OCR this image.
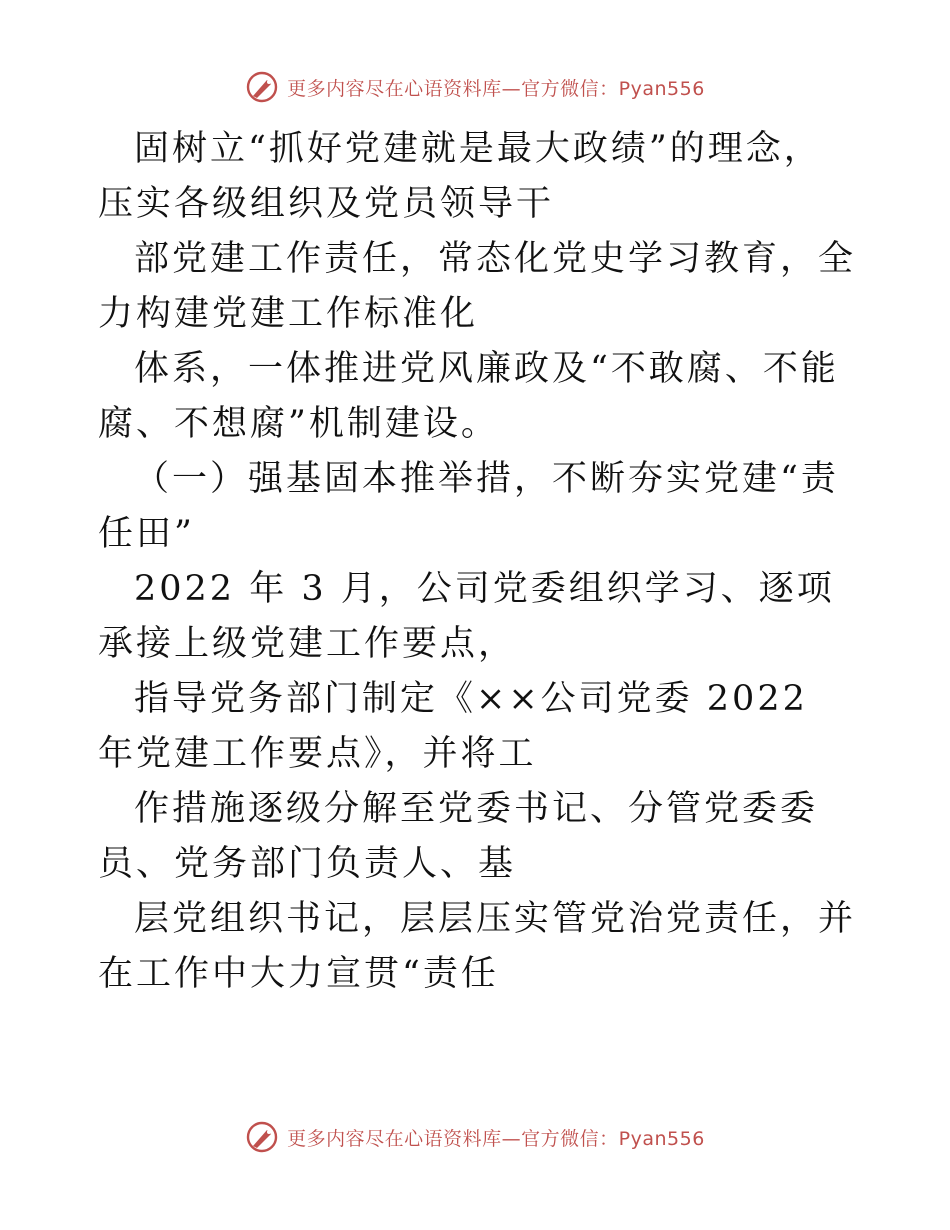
更多内容尽在心语资料库—官方微信：Pyan556

固树立“抓好党建就是最大政绩”的理念，压实各级组织及党员领导干

部党建工作责任，常态化党史学习教育，全力构建党建工作标准化

体系，一体推进党风廉政及“不敢腐、不能腐、不想腐”机制建设。

（一）强基固本推举措，不断夯实党建“责任田”

2022 年 3 月，公司党委组织学习、逐项承接上级党建工作要点，

指导党务部门制定《××公司党委 2022 年党建工作要点》，并将工

作措施逐级分解至党委书记、分管党委委员、党务部门负责人、基

层党组织书记，层层压实管党治党责任，并在工作中大力宣贯“责任

更多内容尽在心语资料库—官方微信：Pyan556
